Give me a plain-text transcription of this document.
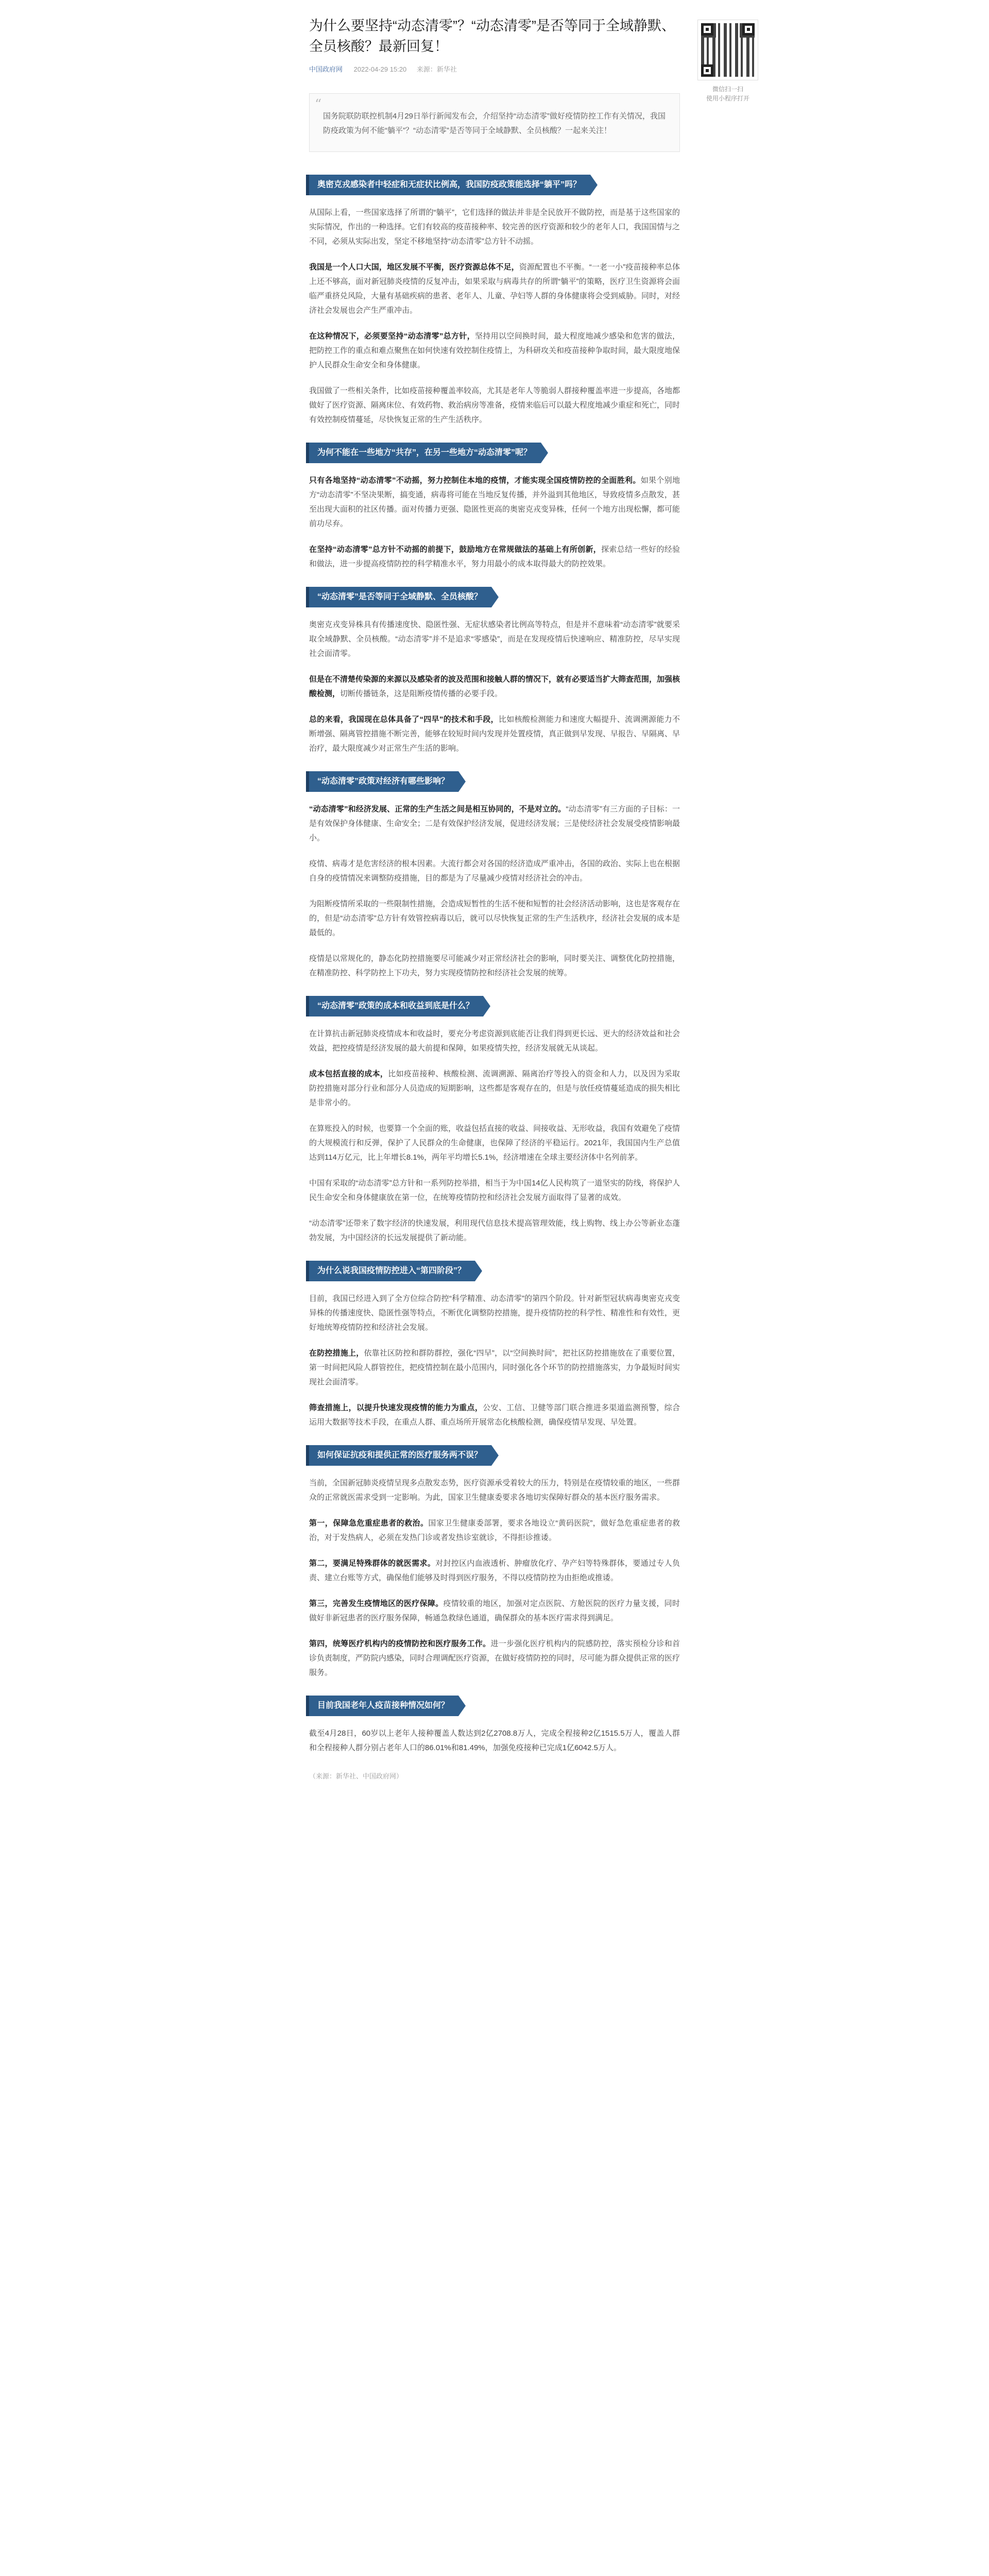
微信扫一扫
使用小程序打开
为什么要坚持“动态清零”？“动态清零”是否等同于全域静默、全员核酸？最新回复！
中国政府网 2022-04-29 15:20 来源：新华社
“

国务院联防联控机制4月29日举行新闻发布会，介绍坚持“动态清零”做好疫情防控工作有关情况，我国防疫政策为何不能“躺平”？“动态清零”是否等同于全域静默、全员核酸？一起来关注！

奥密克戎感染者中轻症和无症状比例高，我国防疫政策能选择“躺平”吗？

从国际上看，一些国家选择了所谓的“躺平”，它们选择的做法并非是全民放开不做防控，而是基于这些国家的实际情况，作出的一种选择。它们有较高的疫苗接种率、较完善的医疗资源和较少的老年人口，我国国情与之不同，必须从实际出发，坚定不移地坚持“动态清零”总方针不动摇。

我国是一个人口大国，地区发展不平衡，医疗资源总体不足，资源配置也不平衡。“一老一小”疫苗接种率总体上还不够高，面对新冠肺炎疫情的反复冲击，如果采取与病毒共存的所谓“躺平”的策略，医疗卫生资源将会面临严重挤兑风险，大量有基础疾病的患者、老年人、儿童、孕妇等人群的身体健康将会受到威胁。同时，对经济社会发展也会产生严重冲击。

在这种情况下，必须要坚持“动态清零”总方针，坚持用以空间换时间，最大程度地减少感染和危害的做法，把防控工作的重点和难点聚焦在如何快速有效控制住疫情上，为科研攻关和疫苗接种争取时间，最大限度地保护人民群众生命安全和身体健康。

我国做了一些相关条件，比如疫苗接种覆盖率较高，尤其是老年人等脆弱人群接种覆盖率进一步提高，各地都做好了医疗资源、隔离床位、有效药物、救治病房等准备，疫情来临后可以最大程度地减少重症和死亡，同时有效控制疫情蔓延，尽快恢复正常的生产生活秩序。

为何不能在一些地方“共存”，在另一些地方“动态清零”呢？

只有各地坚持“动态清零”不动摇，努力控制住本地的疫情，才能实现全国疫情防控的全面胜利。如果个别地方“动态清零”不坚决果断，搞变通，病毒将可能在当地反复传播，并外溢到其他地区，导致疫情多点散发，甚至出现大面积的社区传播。面对传播力更强、隐匿性更高的奥密克戎变异株，任何一个地方出现松懈，都可能前功尽弃。

在坚持“动态清零”总方针不动摇的前提下，鼓励地方在常规做法的基础上有所创新，探索总结一些好的经验和做法，进一步提高疫情防控的科学精准水平，努力用最小的成本取得最大的防控效果。

“动态清零”是否等同于全域静默、全员核酸？

奥密克戎变异株具有传播速度快、隐匿性强、无症状感染者比例高等特点，但是并不意味着“动态清零”就要采取全域静默、全员核酸。“动态清零”并不是追求“零感染”，而是在发现疫情后快速响应、精准防控，尽早实现社会面清零。

但是在不清楚传染源的来源以及感染者的波及范围和接触人群的情况下，就有必要适当扩大筛查范围，加强核酸检测，切断传播链条，这是阻断疫情传播的必要手段。

总的来看，我国现在总体具备了“四早”的技术和手段，比如核酸检测能力和速度大幅提升、流调溯源能力不断增强、隔离管控措施不断完善，能够在较短时间内发现并处置疫情，真正做到早发现、早报告、早隔离、早治疗，最大限度减少对正常生产生活的影响。

“动态清零”政策对经济有哪些影响？

“动态清零”和经济发展、正常的生产生活之间是相互协同的，不是对立的。“动态清零”有三方面的子目标：一是有效保护身体健康、生命安全；二是有效保护经济发展，促进经济发展；三是使经济社会发展受疫情影响最小。

疫情、病毒才是危害经济的根本因素。大流行都会对各国的经济造成严重冲击，各国的政治、实际上也在根据自身的疫情情况来调整防疫措施，目的都是为了尽量减少疫情对经济社会的冲击。

为阻断疫情所采取的一些限制性措施，会造成短暂性的生活不便和短暂的社会经济活动影响，这也是客观存在的，但是“动态清零”总方针有效管控病毒以后，就可以尽快恢复正常的生产生活秩序，经济社会发展的成本是最低的。

疫情是以常规化的，静态化防控措施要尽可能减少对正常经济社会的影响，同时要关注、调整优化防控措施，在精准防控、科学防控上下功夫，努力实现疫情防控和经济社会发展的统筹。

“动态清零”政策的成本和收益到底是什么？

在计算抗击新冠肺炎疫情成本和收益时，要充分考虑资源到底能否让我们得到更长远、更大的经济效益和社会效益，把控疫情是经济发展的最大前提和保障，如果疫情失控，经济发展就无从谈起。

成本包括直接的成本，比如疫苗接种、核酸检测、流调溯源、隔离治疗等投入的资金和人力，以及因为采取防控措施对部分行业和部分人员造成的短期影响，这些都是客观存在的，但是与放任疫情蔓延造成的损失相比是非常小的。

在算账投入的时候，也要算一个全面的账，收益包括直接的收益、间接收益、无形收益，我国有效避免了疫情的大规模流行和反弹，保护了人民群众的生命健康，也保障了经济的平稳运行。2021年，我国国内生产总值达到114万亿元，比上年增长8.1%，两年平均增长5.1%，经济增速在全球主要经济体中名列前茅。

中国有采取的“动态清零”总方针和一系列防控举措，相当于为中国14亿人民构筑了一道坚实的防线，将保护人民生命安全和身体健康放在第一位，在统筹疫情防控和经济社会发展方面取得了显著的成效。

“动态清零”还带来了数字经济的快速发展，利用现代信息技术提高管理效能，线上购物、线上办公等新业态蓬勃发展，为中国经济的长远发展提供了新动能。

为什么说我国疫情防控进入“第四阶段”？

目前，我国已经进入到了全方位综合防控“科学精准、动态清零”的第四个阶段。针对新型冠状病毒奥密克戎变异株的传播速度快、隐匿性强等特点，不断优化调整防控措施，提升疫情防控的科学性、精准性和有效性，更好地统筹疫情防控和经济社会发展。

在防控措施上，依靠社区防控和群防群控，强化“四早”，以“空间换时间”，把社区防控措施放在了重要位置，第一时间把风险人群管控住，把疫情控制在最小范围内，同时强化各个环节的防控措施落实，力争最短时间实现社会面清零。

筛查措施上，以提升快速发现疫情的能力为重点，公安、工信、卫健等部门联合推进多渠道监测预警，综合运用大数据等技术手段，在重点人群、重点场所开展常态化核酸检测，确保疫情早发现、早处置。

如何保证抗疫和提供正常的医疗服务两不误？

当前，全国新冠肺炎疫情呈现多点散发态势，医疗资源承受着较大的压力，特别是在疫情较重的地区，一些群众的正常就医需求受到一定影响。为此，国家卫生健康委要求各地切实保障好群众的基本医疗服务需求。

第一，保障急危重症患者的救治。国家卫生健康委部署，要求各地设立“黄码医院”，做好急危重症患者的救治，对于发热病人，必须在发热门诊或者发热诊室就诊，不得拒诊推诿。

第二，要满足特殊群体的就医需求。对封控区内血液透析、肿瘤放化疗、孕产妇等特殊群体，要通过专人负责、建立台账等方式，确保他们能够及时得到医疗服务，不得以疫情防控为由拒绝或推诿。

第三，完善发生疫情地区的医疗保障。疫情较重的地区，加强对定点医院、方舱医院的医疗力量支援，同时做好非新冠患者的医疗服务保障，畅通急救绿色通道，确保群众的基本医疗需求得到满足。

第四，统筹医疗机构内的疫情防控和医疗服务工作。进一步强化医疗机构内的院感防控，落实预检分诊和首诊负责制度，严防院内感染，同时合理调配医疗资源，在做好疫情防控的同时，尽可能为群众提供正常的医疗服务。

目前我国老年人疫苗接种情况如何？

截至4月28日，60岁以上老年人接种覆盖人数达到2亿2708.8万人，完成全程接种2亿1515.5万人，覆盖人群和全程接种人群分别占老年人口的86.01%和81.49%，加强免疫接种已完成1亿6042.5万人。

（来源：新华社、中国政府网）
